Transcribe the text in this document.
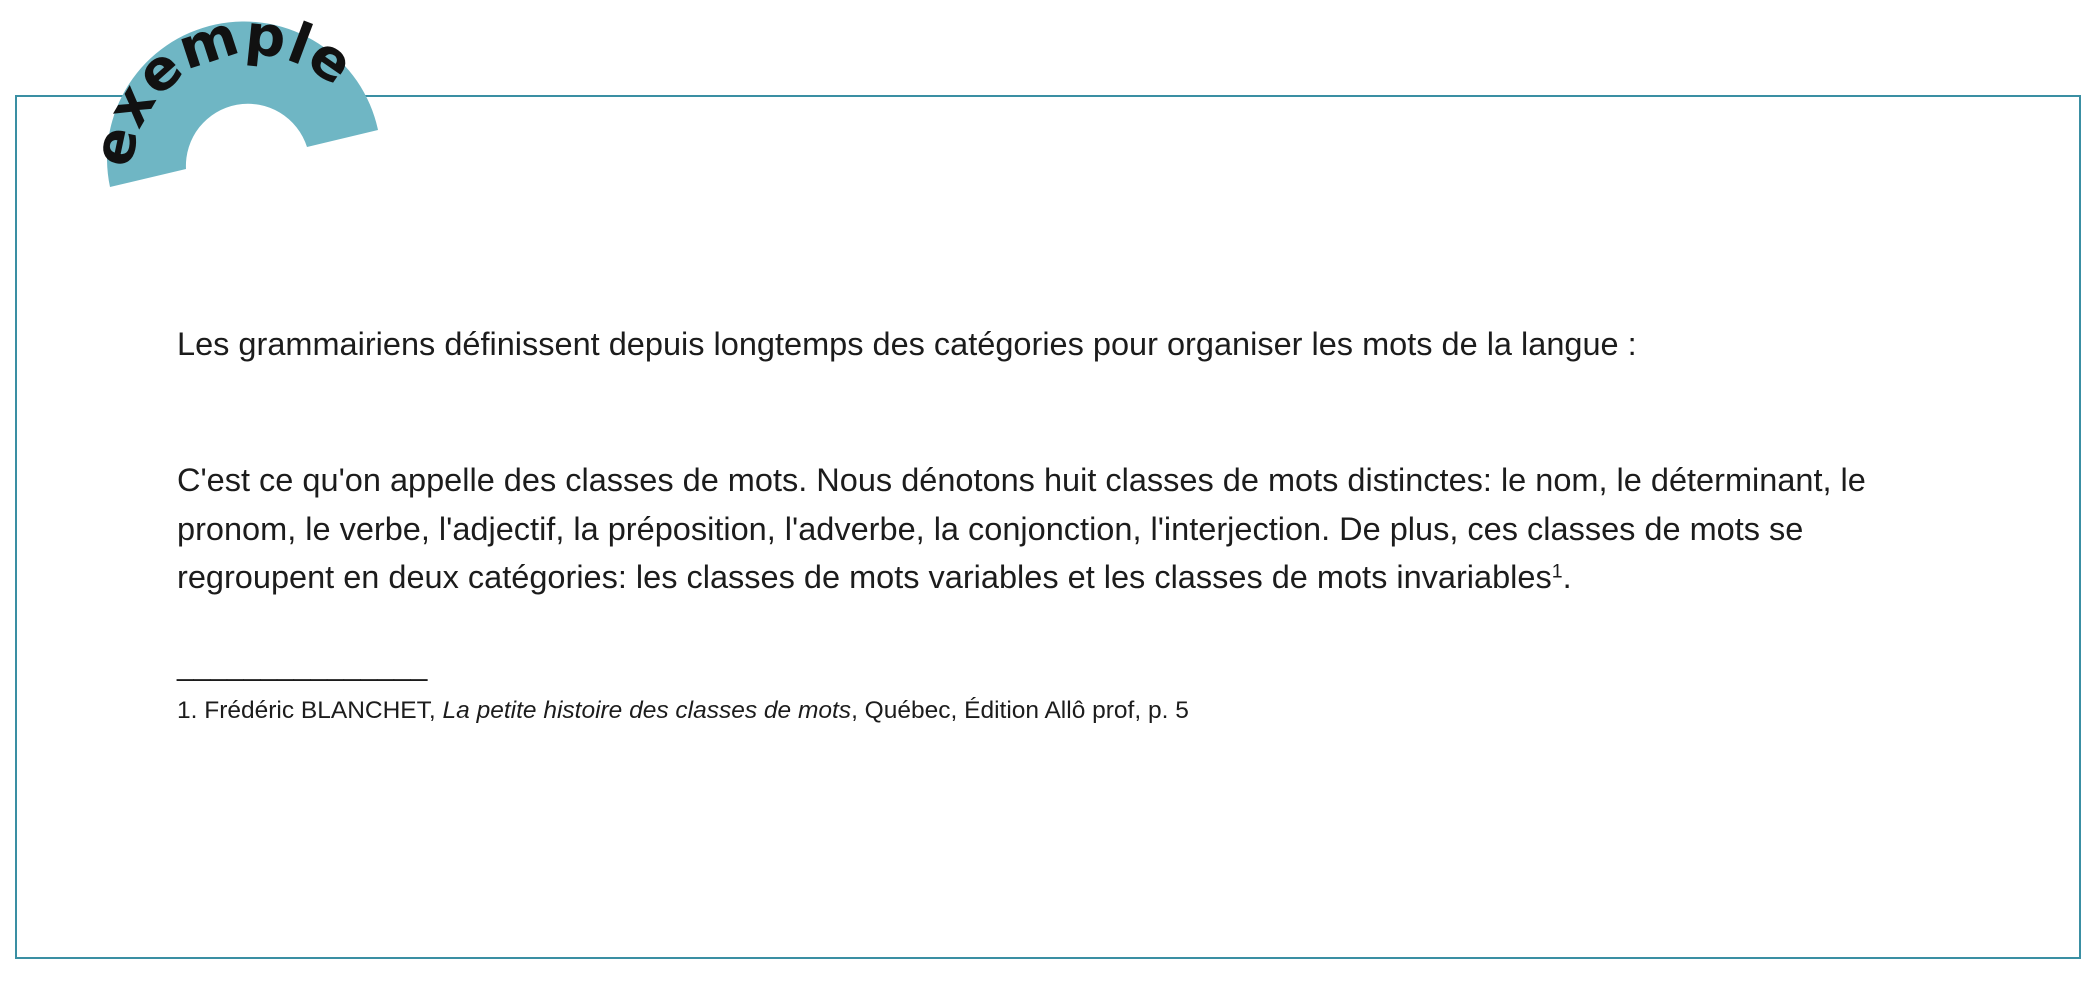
exemple

Les grammairiens définissent depuis longtemps des catégories pour organiser les mots de la langue :

C'est ce qu'on appelle des classes de mots. Nous dénotons huit classes de mots distinctes: le nom, le déterminant, le pronom, le verbe, l'adjectif, la préposition, l'adverbe, la conjonction, l'interjection. De plus, ces classes de mots se regroupent en deux catégories: les classes de mots variables et les classes de mots invariables$^1$.

_______________
1. Frédéric BLANCHET, La petite histoire des classes de mots, Québec, Édition Allô prof, p. 5
